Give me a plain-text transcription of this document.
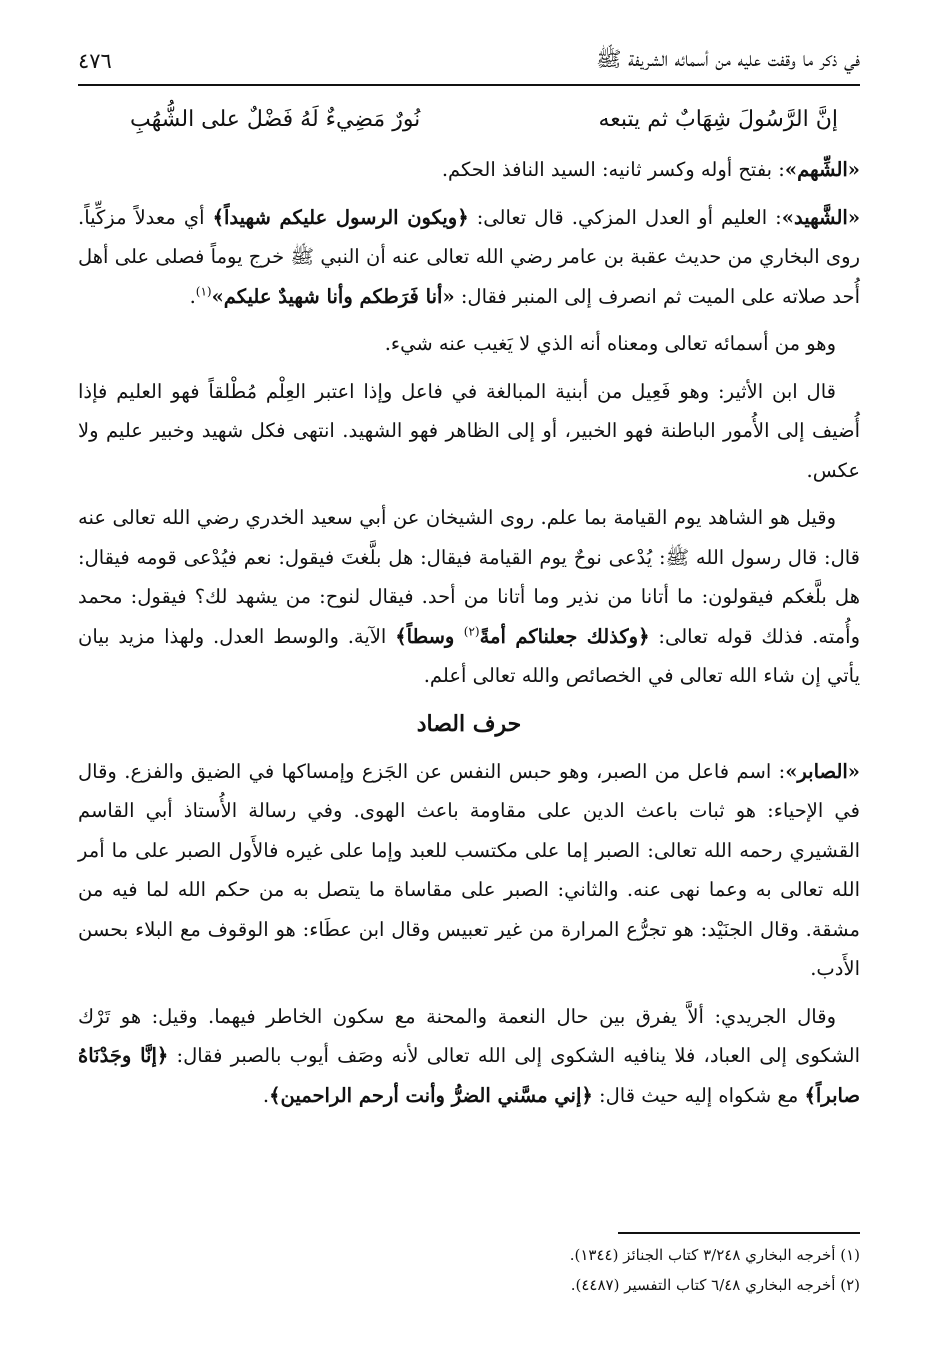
في ذكر ما وقفت عليه من أسمائه الشريفة ﷺ
٤٧٦
إنَّ الرَّسُولَ شِهَابٌ ثم يتبعه
نُورٌ مَضِيءٌ لَهُ فَضْلٌ على الشُّهُبِ

«الشِّهم»: بفتح أوله وكسر ثانيه: السيد النافذ الحكم.

«الشَّهيد»: العليم أو العدل المزكي. قال تعالى: ﴿ويكون الرسول عليكم شهيداً﴾ أي معدلاً مزكِّياً. روى البخاري من حديث عقبة بن عامر رضي الله تعالى عنه أن النبي ﷺ خرج يوماً فصلى على أهل أُحد صلاته على الميت ثم انصرف إلى المنبر فقال: «أنا فَرَطكم وأنا شهيدٌ عليكم»$^{(١)}$.

وهو من أسمائه تعالى ومعناه أنه الذي لا يَغيب عنه شيء.

قال ابن الأثير: وهو فَعِيل من أبنية المبالغة في فاعل وإذا اعتبر العِلْم مُطْلقاً فهو العليم فإذا أُضيف إلى الأُمور الباطنة فهو الخبير، أو إلى الظاهر فهو الشهيد. انتهى فكل شهيد وخبير عليم ولا عكس.

وقيل هو الشاهد يوم القيامة بما علم. روى الشيخان عن أبي سعيد الخدري رضي الله تعالى عنه قال: قال رسول الله ﷺ: يُدْعى نوحٌ يوم القيامة فيقال: هل بلَّغتَ فيقول: نعم فيُدْعى قومه فيقال: هل بلَّغكم فيقولون: ما أتانا من نذير وما أتانا من أحد. فيقال لنوح: من يشهد لك؟ فيقول: محمد وأُمته. فذلك قوله تعالى: ﴿وكذلك جعلناكم أمةً$^{(٢)}$ وسطاً﴾ الآية. والوسط العدل. ولهذا مزيد بيان يأتي إن شاء الله تعالى في الخصائص والله تعالى أعلم.

حرف الصاد

«الصابر»: اسم فاعل من الصبر، وهو حبس النفس عن الجَزع وإمساكها في الضيق والفزع. وقال في الإحياء: هو ثبات باعث الدين على مقاومة باعث الهوى. وفي رسالة الأُستاذ أبي القاسم القشيري رحمه الله تعالى: الصبر إما على مكتسب للعبد وإما على غيره فالأَول الصبر على ما أمر الله تعالى به وعما نهى عنه. والثاني: الصبر على مقاساة ما يتصل به من حكم الله لما فيه من مشقة. وقال الجنَيْد: هو تجرُّع المرارة من غير تعبيس وقال ابن عطَاء: هو الوقوف مع البلاء بحسن الأَدب.

وقال الجريدي: ألاَّ يفرق بين حال النعمة والمحنة مع سكون الخاطر فيهما. وقيل: هو تَرْك الشكوى إلى العباد، فلا ينافيه الشكوى إلى الله تعالى لأنه وصَف أيوب بالصبر فقال: ﴿إنَّا وجَدْنَاهُ صابراً﴾ مع شكواه إليه حيث قال: ﴿إني مسَّني الضرُّ وأنت أرحم الراحمين﴾.

(١) أخرجه البخاري ٣/٢٤٨ كتاب الجنائز (١٣٤٤).
(٢) أخرجه البخاري ٦/٤٨ كتاب التفسير (٤٤٨٧).
